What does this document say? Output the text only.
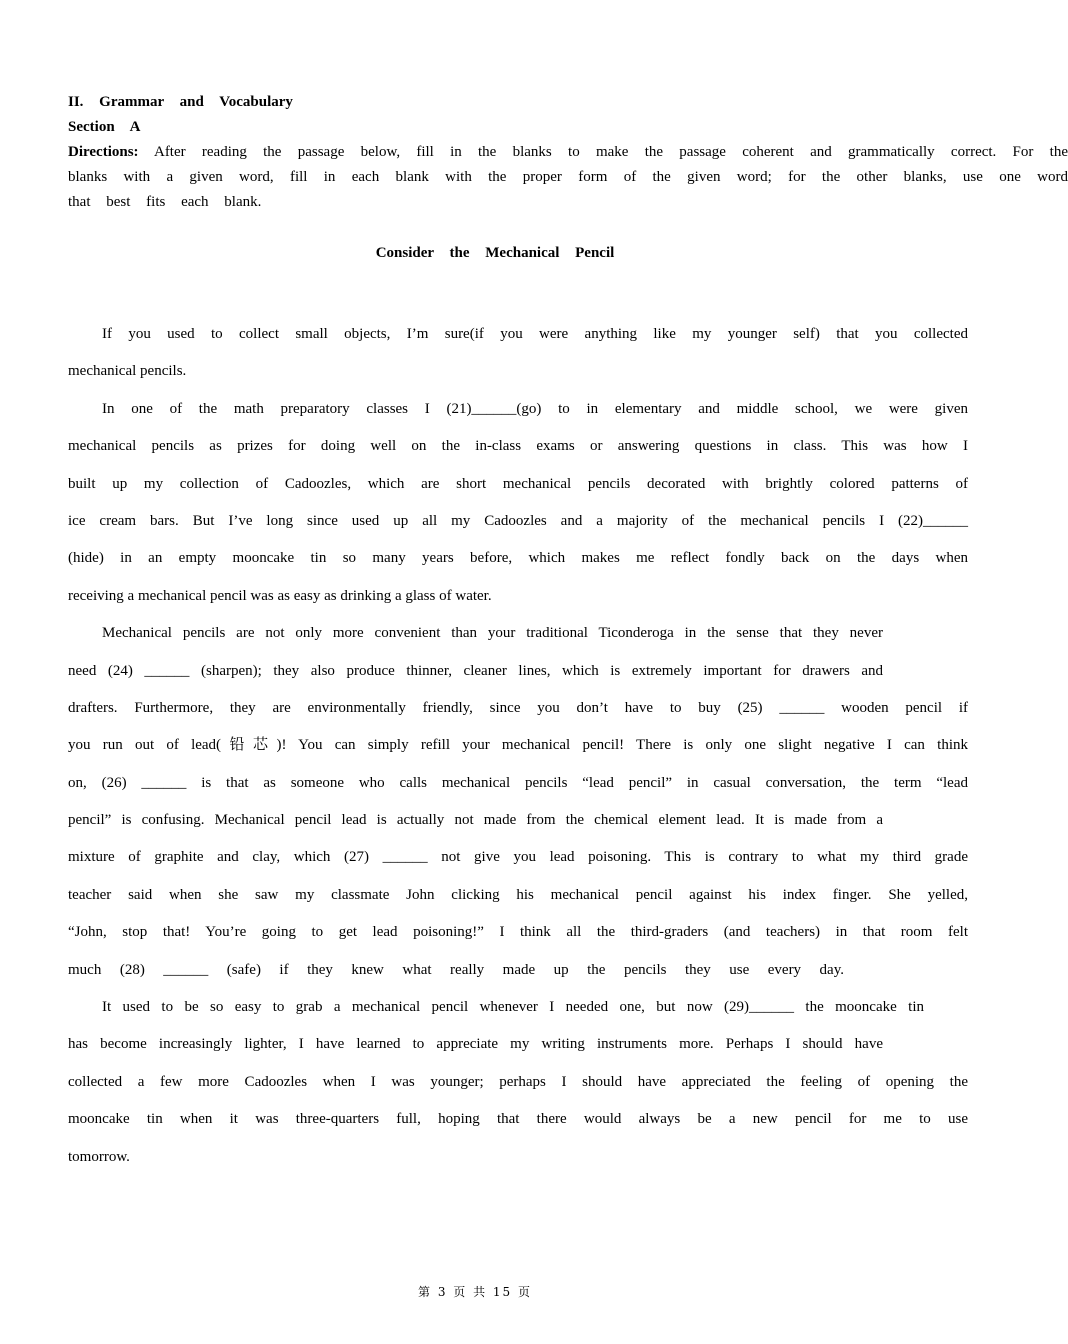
II. Grammar and Vocabulary
Section A
Directions: After reading the passage below, fill in the blanks to make the passage coherent and grammatically correct. For the blanks with a given word, fill in each blank with the proper form of the given word; for the other blanks, use one word that best fits each blank.
Consider the Mechanical Pencil
If you used to collect small objects, I’m sure(if you were anything like my younger self) that you collected
mechanical pencils.
In one of the math preparatory classes I (21)______(go) to in elementary and middle school, we were given
mechanical pencils as prizes for doing well on the in-class exams or answering questions in class. This was how I
built up my collection of Cadoozles, which are short mechanical pencils decorated with brightly colored patterns of
ice cream bars. But I’ve long since used up all my Cadoozles and a majority of the mechanical pencils I (22)______
(hide) in an empty mooncake tin so many years before, which makes me reflect fondly back on the days when
receiving a mechanical pencil was as easy as drinking a glass of water.
Mechanical pencils are not only more convenient than your traditional Ticonderoga in the sense that they never
need (24) ______ (sharpen); they also produce thinner, cleaner lines, which is extremely important for drawers and
drafters. Furthermore, they are environmentally friendly, since you don’t have to buy (25) ______ wooden pencil if
you run out of lead(铅芯)! You can simply refill your mechanical pencil! There is only one slight negative I can think
on, (26) ______ is that as someone who calls mechanical pencils “lead pencil” in casual conversation, the term “lead
pencil” is confusing. Mechanical pencil lead is actually not made from the chemical element lead. It is made from a
mixture of graphite and clay, which (27) ______ not give you lead poisoning. This is contrary to what my third grade
teacher said when she saw my classmate John clicking his mechanical pencil against his index finger. She yelled,
“John, stop that! You’re going to get lead poisoning!” I think all the third-graders (and teachers) in that room felt
much (28) ______ (safe) if they knew what really made up the pencils they use every day.
It used to be so easy to grab a mechanical pencil whenever I needed one, but now (29)______ the mooncake tin
has become increasingly lighter, I have learned to appreciate my writing instruments more. Perhaps I should have
collected a few more Cadoozles when I was younger; perhaps I should have appreciated the feeling of opening the
mooncake tin when it was three-quarters full, hoping that there would always be a new pencil for me to use
tomorrow.
第 3 页 共 15 页
